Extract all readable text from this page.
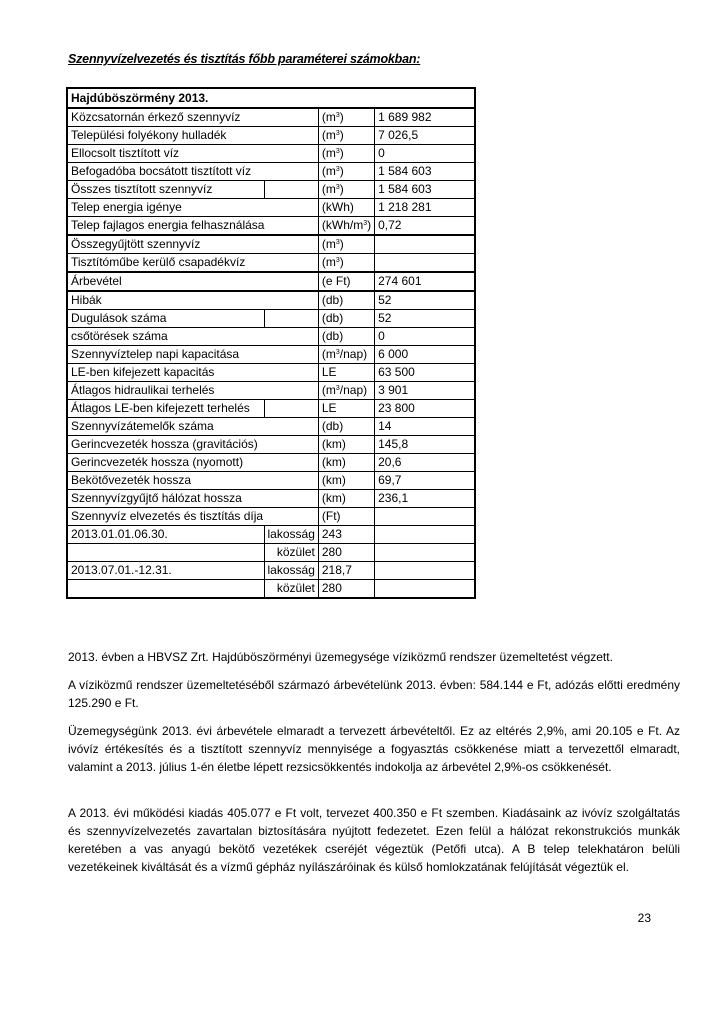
Szennyvízelvezetés és tisztítás főbb paraméterei számokban:
Hajdúböszörmény 2013.			
Közcsatornán érkező szennyvíz		$(m^3)$	1 689 982
Települési folyékony hulladék		$(m^3)$	7 026,5
Ellocsolt tisztított víz		$(m^3)$	0
Befogadóba bocsátott tisztított víz		$(m^3)$	1 584 603
Összes tisztított szennyvíz		$(m^3)$	1 584 603
Telep energia igénye		(kWh)	1 218 281
Telep fajlagos energia felhasználása		$(kWh/m^3)$	0,72
Összegyűjtött szennyvíz		$(m^3)$	
Tisztítóműbe kerülő csapadékvíz		$(m^3)$	
Árbevétel		(e Ft)	274 601
Hibák		(db)	52
Dugulások száma		(db)	52
csőtörések száma		(db)	0
Szennyvíztelep napi kapacitása		$(m^3/nap)$	6 000
LE-ben kifejezett kapacitás		LE	63 500
Átlagos hidraulikai terhelés		$(m^3/nap)$	3 901
Átlagos LE-ben kifejezett terhelés		LE	23 800
Szennyvízátemelők száma		(db)	14
Gerincvezeték hossza (gravitációs)		(km)	145,8
Gerincvezeték hossza (nyomott)		(km)	20,6
Bekötővezeték hossza		(km)	69,7
Szennyvízgyűjtő hálózat hossza		(km)	236,1
Szennyvíz elvezetés és tisztítás díja		(Ft)	
2013.01.01.06.30.	lakosság	243	
	közület	280	
2013.07.01.-12.31.	lakosság	218,7	
	közület	280	

2013. évben a HBVSZ Zrt. Hajdúböszörményi üzemegysége víziközmű rendszer üzemeltetést végzett.

A víziközmű rendszer üzemeltetéséből származó árbevételünk 2013. évben: 584.144 e Ft, adózás előtti eredmény 125.290 e Ft.

Üzemegységünk 2013. évi árbevétele elmaradt a tervezett árbevételtől. Ez az eltérés 2,9%, ami 20.105 e Ft. Az ivóvíz értékesítés és a tisztított szennyvíz mennyisége a fogyasztás csökkenése miatt a tervezettől elmaradt, valamint a 2013. július 1-én életbe lépett rezsicsökkentés indokolja az árbevétel 2,9%-os csökkenését.

A 2013. évi működési kiadás 405.077 e Ft volt, tervezet 400.350 e Ft szemben. Kiadásaink az ivóvíz szolgáltatás és szennyvízelvezetés zavartalan biztosítására nyújtott fedezetet. Ezen felül a hálózat rekonstrukciós munkák keretében a vas anyagú bekötő vezetékek cseréjét végeztük (Petőfi utca). A B telep telekhatáron belüli vezetékeinek kiváltását és a vízmű gépház nyílászáróinak és külső homlokzatának felújítását végeztük el.

23
